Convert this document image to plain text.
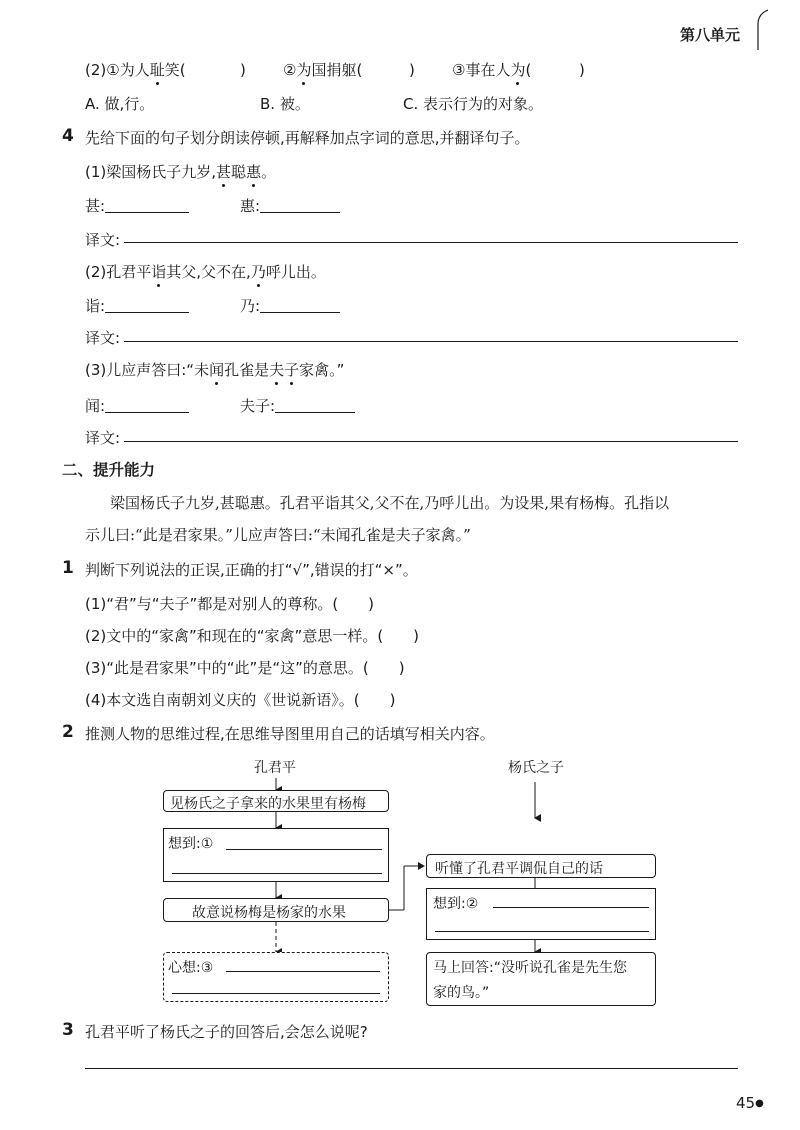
第八单元
(2)①为人耻笑(	) ②为国捐躯(	) ③事在人为(	)
A. 做,行。	B. 被。	C. 表示行为的对象。
4 先给下面的句子划分朗读停顿,再解释加点字词的意思,并翻译句子。
(1)梁国杨氏子九岁,甚聪惠。
甚:	惠:
译文:
(2)孔君平诣其父,父不在,乃呼儿出。
诣:	乃:
译文:
(3)儿应声答曰:“未闻孔雀是夫子家禽。”
闻:	夫子:
译文:
二、提升能力
梁国杨氏子九岁,甚聪惠。孔君平诣其父,父不在,乃呼儿出。为设果,果有杨梅。孔指以
示儿曰:“此是君家果。”儿应声答曰:“未闻孔雀是夫子家禽。”
1 判断下列说法的正误,正确的打“√”,错误的打“×”。
(1)“君”与“夫子”都是对别人的尊称。(　　)
(2)文中的“家禽”和现在的“家禽”意思一样。(　　)
(3)“此是君家果”中的“此”是“这”的意思。(　　)
(4)本文选自南朝刘义庆的《世说新语》。(　　)
2 推测人物的思维过程,在思维导图里用自己的话填写相关内容。
孔君平	杨氏之子
见杨氏之子拿来的水果里有杨梅
想到:①
故意说杨梅是杨家的水果
心想:③
听懂了孔君平调侃自己的话
想到:②
马上回答:“没听说孔雀是先生您
家的鸟。”
3 孔君平听了杨氏之子的回答后,会怎么说呢?
45●
